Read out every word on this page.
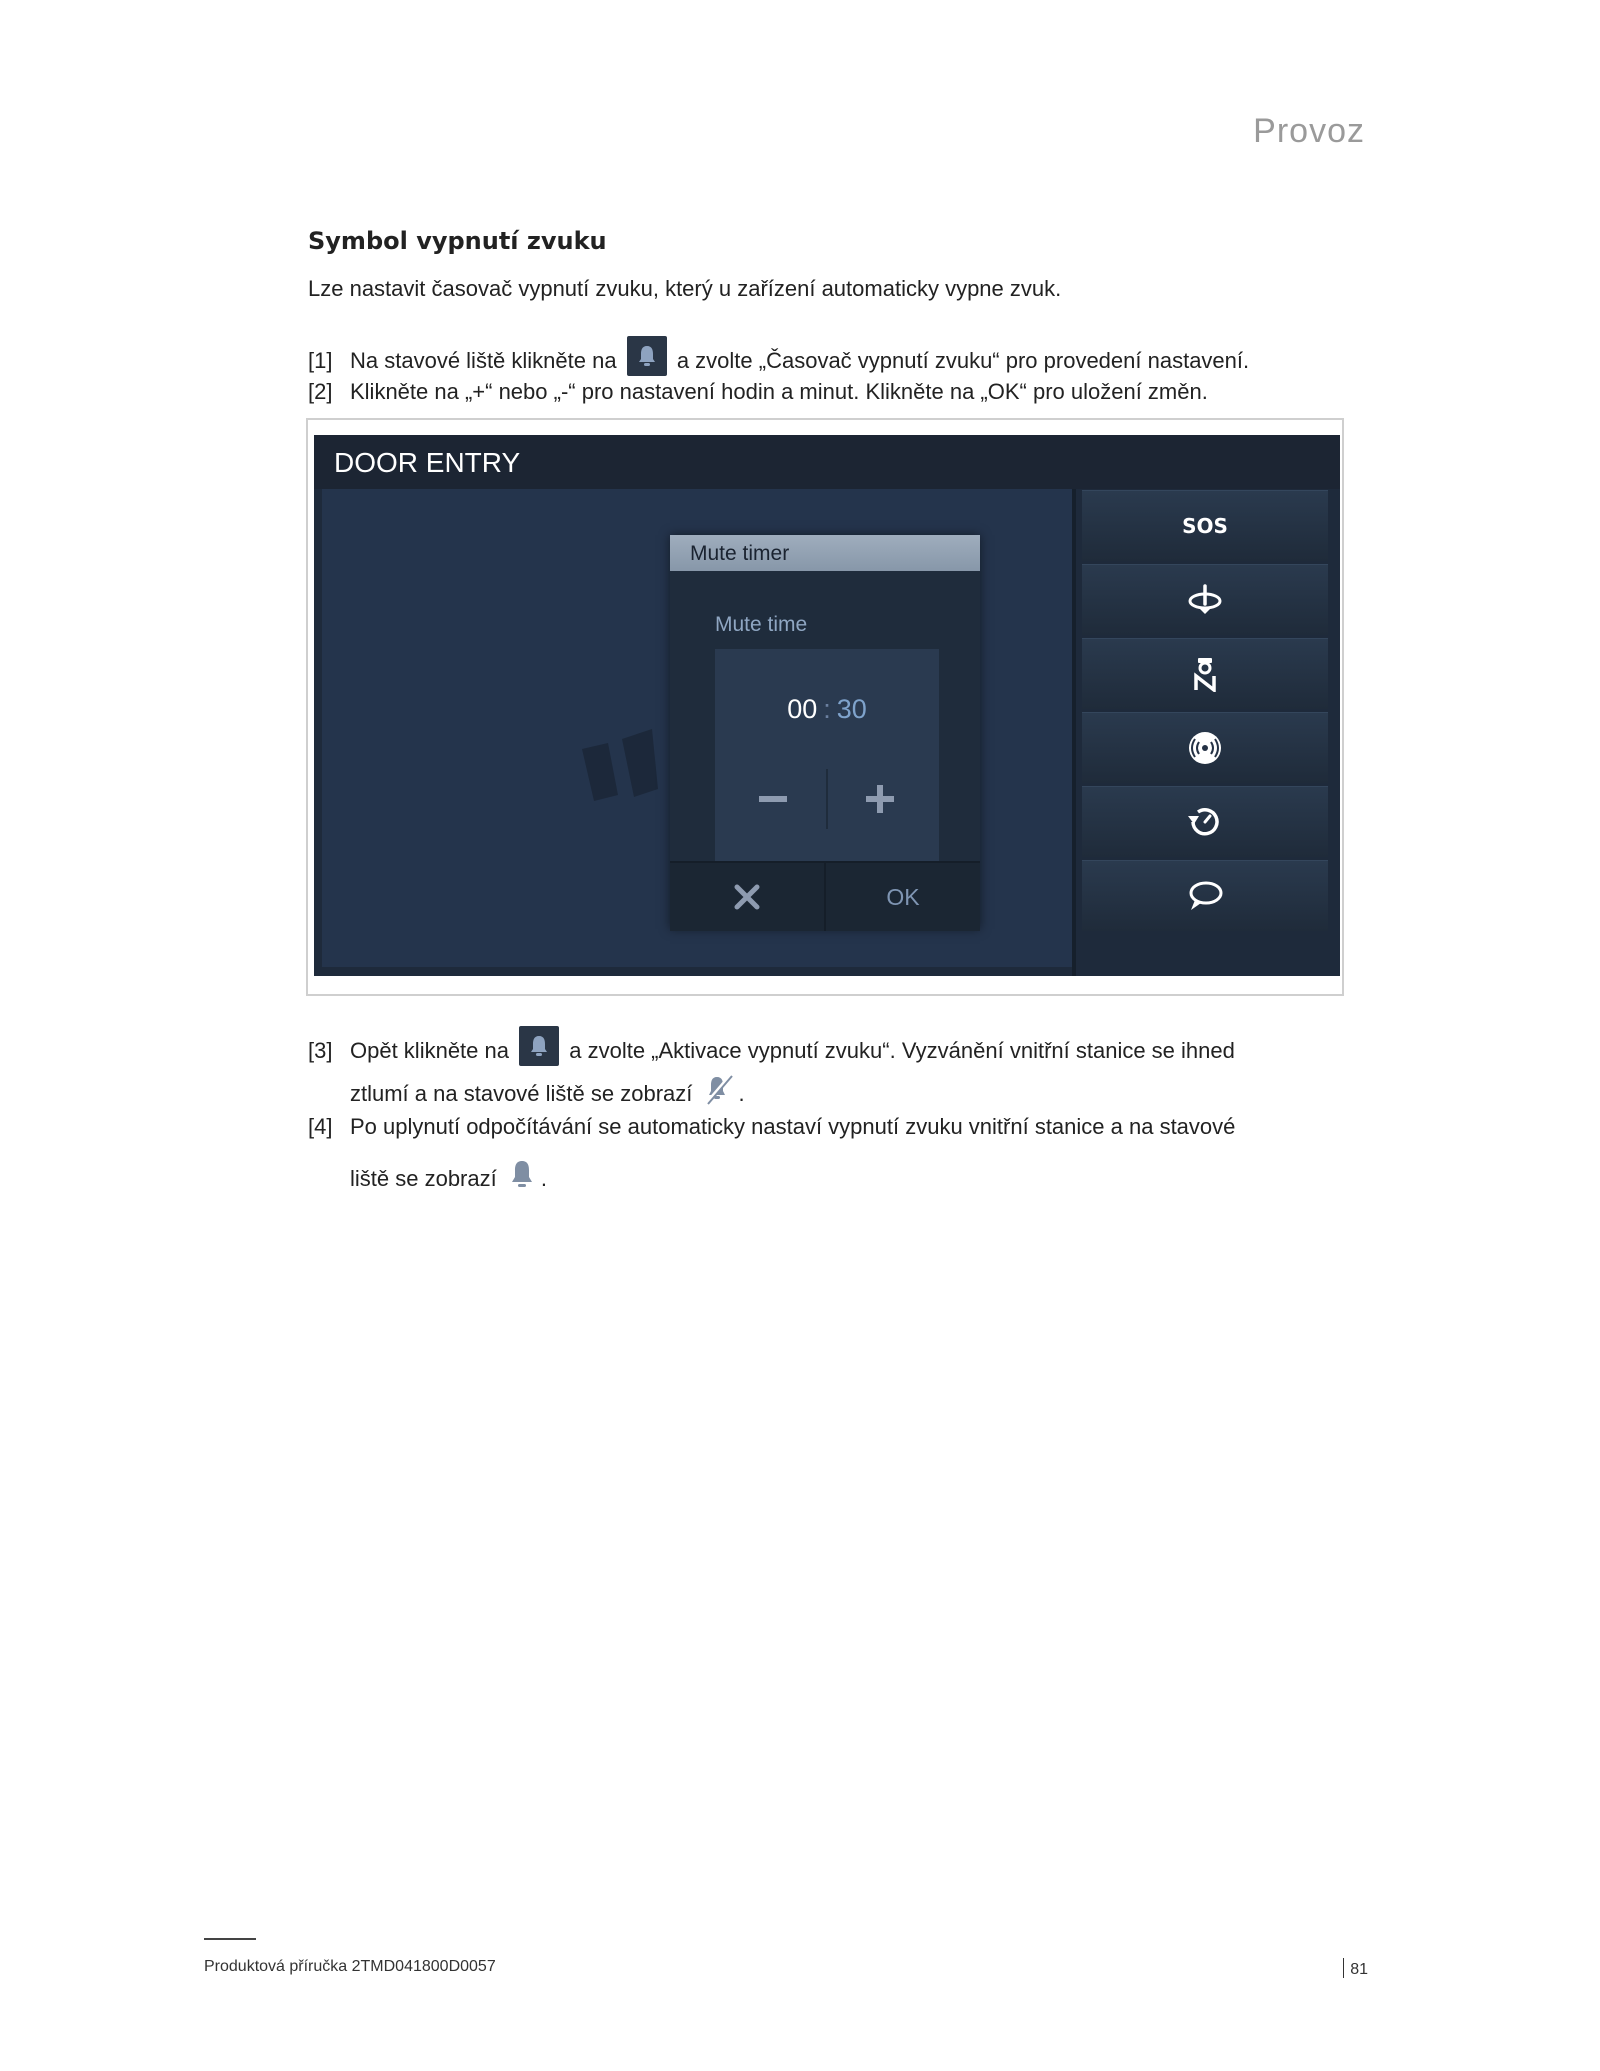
Provoz
Symbol vypnutí zvuku
Lze nastavit časovač vypnutí zvuku, který u zařízení automaticky vypne zvuk.
[1] Na stavové liště klikněte na	a zvolte „Časovač vypnutí zvuku“ pro provedení nastavení.
[2] Klikněte na „+“ nebo „-“ pro nastavení hodin a minut. Klikněte na „OK“ pro uložení změn.
DOOR ENTRY
SOS
Mute timer
Mute time
00 : 30
OK
[3] Opět klikněte na	a zvolte „Aktivace vypnutí zvuku“. Vyzvánění vnitřní stanice se ihned
ztlumí a na stavové liště se zobrazí .
[4] Po uplynutí odpočítávání se automaticky nastaví vypnutí zvuku vnitřní stanice a na stavové
liště se zobrazí .
Produktová příručka 2TMD041800D0057	81
